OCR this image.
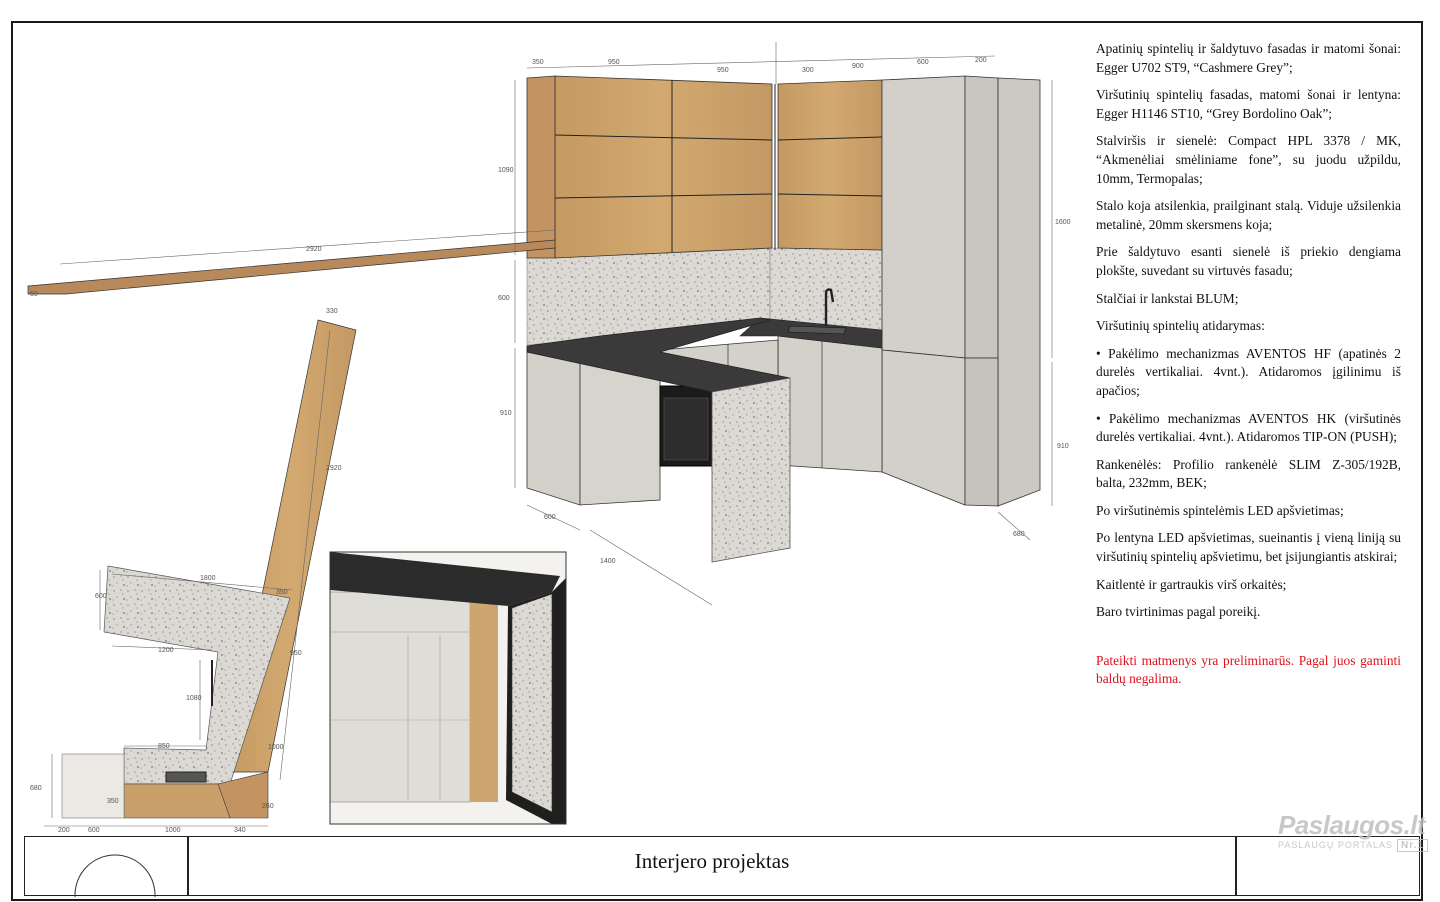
350	950
950	300
900
600	200
2920
50
1090
600
910
1600
910
600
1400
680
330
2920
1800
600
350
950
1200
1080
850	1000
680
350
260
200	600	1000	340

Apatinių spintelių ir šaldytuvo fasadas ir matomi šonai: Egger U702 ST9, “Cashmere Grey”;

Viršutinių spintelių fasadas, matomi šonai ir lentyna: Egger H1146 ST10, “Grey Bordolino Oak”;

Stalviršis ir sienelė: Compact HPL 3378 / MK, “Akmenėliai smėliniame fone”, su juodu užpildu, 10mm, Termopalas;

Stalo koja atsilenkia, prailginant stalą. Viduje užsilenkia metalinė, 20mm skersmens koja;

Prie šaldytuvo esanti sienelė iš priekio dengiama plokšte, suvedant su virtuvės fasadu;

Stalčiai ir lankstai BLUM;

Viršutinių spintelių atidarymas:

• Pakėlimo mechanizmas AVENTOS HF (apatinės 2 durelės vertikaliai. 4vnt.). Atidaromos įgilinimu iš apačios;

• Pakėlimo mechanizmas AVENTOS HK (viršutinės durelės vertikaliai. 4vnt.). Atidaromos TIP-ON (PUSH);

Rankenėlės: Profilio rankenėlė SLIM Z-305/192B, balta, 232mm, BEK;

Po viršutinėmis spintelėmis LED apšvietimas;

Po lentyna LED apšvietimas, sueinantis į vieną liniją su viršutinių spintelių apšvietimu, bet įsijungiantis atskirai;

Kaitlentė ir gartraukis virš orkaitės;

Baro tvirtinimas pagal poreikį.

Pateikti matmenys yra preliminarūs. Pagal juos gaminti baldų negalima.

Interjero projektas
Paslaugos.lt
PASLAUGŲ PORTALAS Nr.1
